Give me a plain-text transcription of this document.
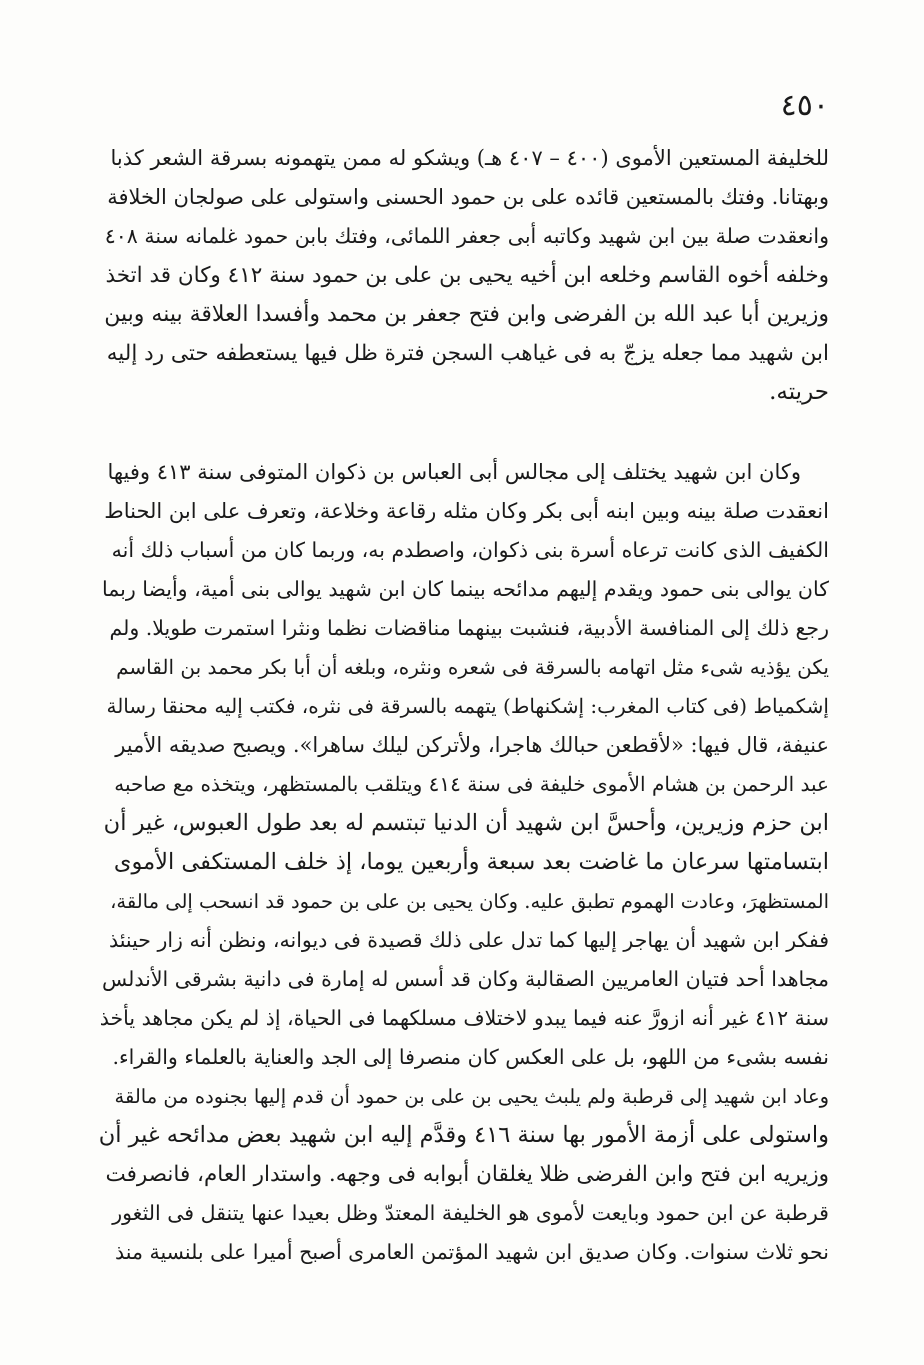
٤٥٠
للخليفة المستعين الأموى (٤٠٠ – ٤٠٧ هـ) ويشكو له ممن يتهمونه بسرقة الشعر كذبا
وبهتانا. وفتك بالمستعين قائده على بن حمود الحسنى واستولى على صولجان الخلافة
وانعقدت صلة بين ابن شهيد وكاتبه أبى جعفر اللمائى، وفتك بابن حمود غلمانه سنة ٤٠٨
وخلفه أخوه القاسم وخلعه ابن أخيه يحيى بن على بن حمود سنة ٤١٢ وكان قد اتخذ
وزيرين أبا عبد الله بن الفرضى وابن فتح جعفر بن محمد وأفسدا العلاقة بينه وبين
ابن شهيد مما جعله يزجّ به فى غياهب السجن فترة ظل فيها يستعطفه حتى رد إليه
حريته.
وكان ابن شهيد يختلف إلى مجالس أبى العباس بن ذكوان المتوفى سنة ٤١٣ وفيها
انعقدت صلة بينه وبين ابنه أبى بكر وكان مثله رقاعة وخلاعة، وتعرف على ابن الحناط
الكفيف الذى كانت ترعاه أسرة بنى ذكوان، واصطدم به، وربما كان من أسباب ذلك أنه
كان يوالى بنى حمود ويقدم إليهم مدائحه بينما كان ابن شهيد يوالى بنى أمية، وأيضا ربما
رجع ذلك إلى المنافسة الأدبية، فنشبت بينهما مناقضات نظما ونثرا استمرت طويلا. ولم
يكن يؤذيه شىء مثل اتهامه بالسرقة فى شعره ونثره، وبلغه أن أبا بكر محمد بن القاسم
إشكمياط (فى كتاب المغرب: إشكنهاط) يتهمه بالسرقة فى نثره، فكتب إليه محنقا رسالة
عنيفة، قال فيها: «لأقطعن حبالك هاجرا، ولأتركن ليلك ساهرا». ويصبح صديقه الأمير
عبد الرحمن بن هشام الأموى خليفة فى سنة ٤١٤ ويتلقب بالمستظهر، ويتخذه مع صاحبه
ابن حزم وزيرين، وأحسَّ ابن شهيد أن الدنيا تبتسم له بعد طول العبوس، غير أن
ابتسامتها سرعان ما غاضت بعد سبعة وأربعين يوما، إذ خلف المستكفى الأموى
المستظهرَ، وعادت الهموم تطبق عليه. وكان يحيى بن على بن حمود قد انسحب إلى مالقة،
ففكر ابن شهيد أن يهاجر إليها كما تدل على ذلك قصيدة فى ديوانه، ونظن أنه زار حينئذ
مجاهدا أحد فتيان العامريين الصقالبة وكان قد أسس له إمارة فى دانية بشرقى الأندلس
سنة ٤١٢ غير أنه ازورَّ عنه فيما يبدو لاختلاف مسلكهما فى الحياة، إذ لم يكن مجاهد يأخذ
نفسه بشىء من اللهو، بل على العكس كان منصرفا إلى الجد والعناية بالعلماء والقراء.
وعاد ابن شهيد إلى قرطبة ولم يلبث يحيى بن على بن حمود أن قدم إليها بجنوده من مالقة
واستولى على أزمة الأمور بها سنة ٤١٦ وقدَّم إليه ابن شهيد بعض مدائحه غير أن
وزيريه ابن فتح وابن الفرضى ظلا يغلقان أبوابه فى وجهه. واستدار العام، فانصرفت
قرطبة عن ابن حمود وبايعت لأموى هو الخليفة المعتدّ وظل بعيدا عنها يتنقل فى الثغور
نحو ثلاث سنوات. وكان صديق ابن شهيد المؤتمن العامرى أصبح أميرا على بلنسية منذ
